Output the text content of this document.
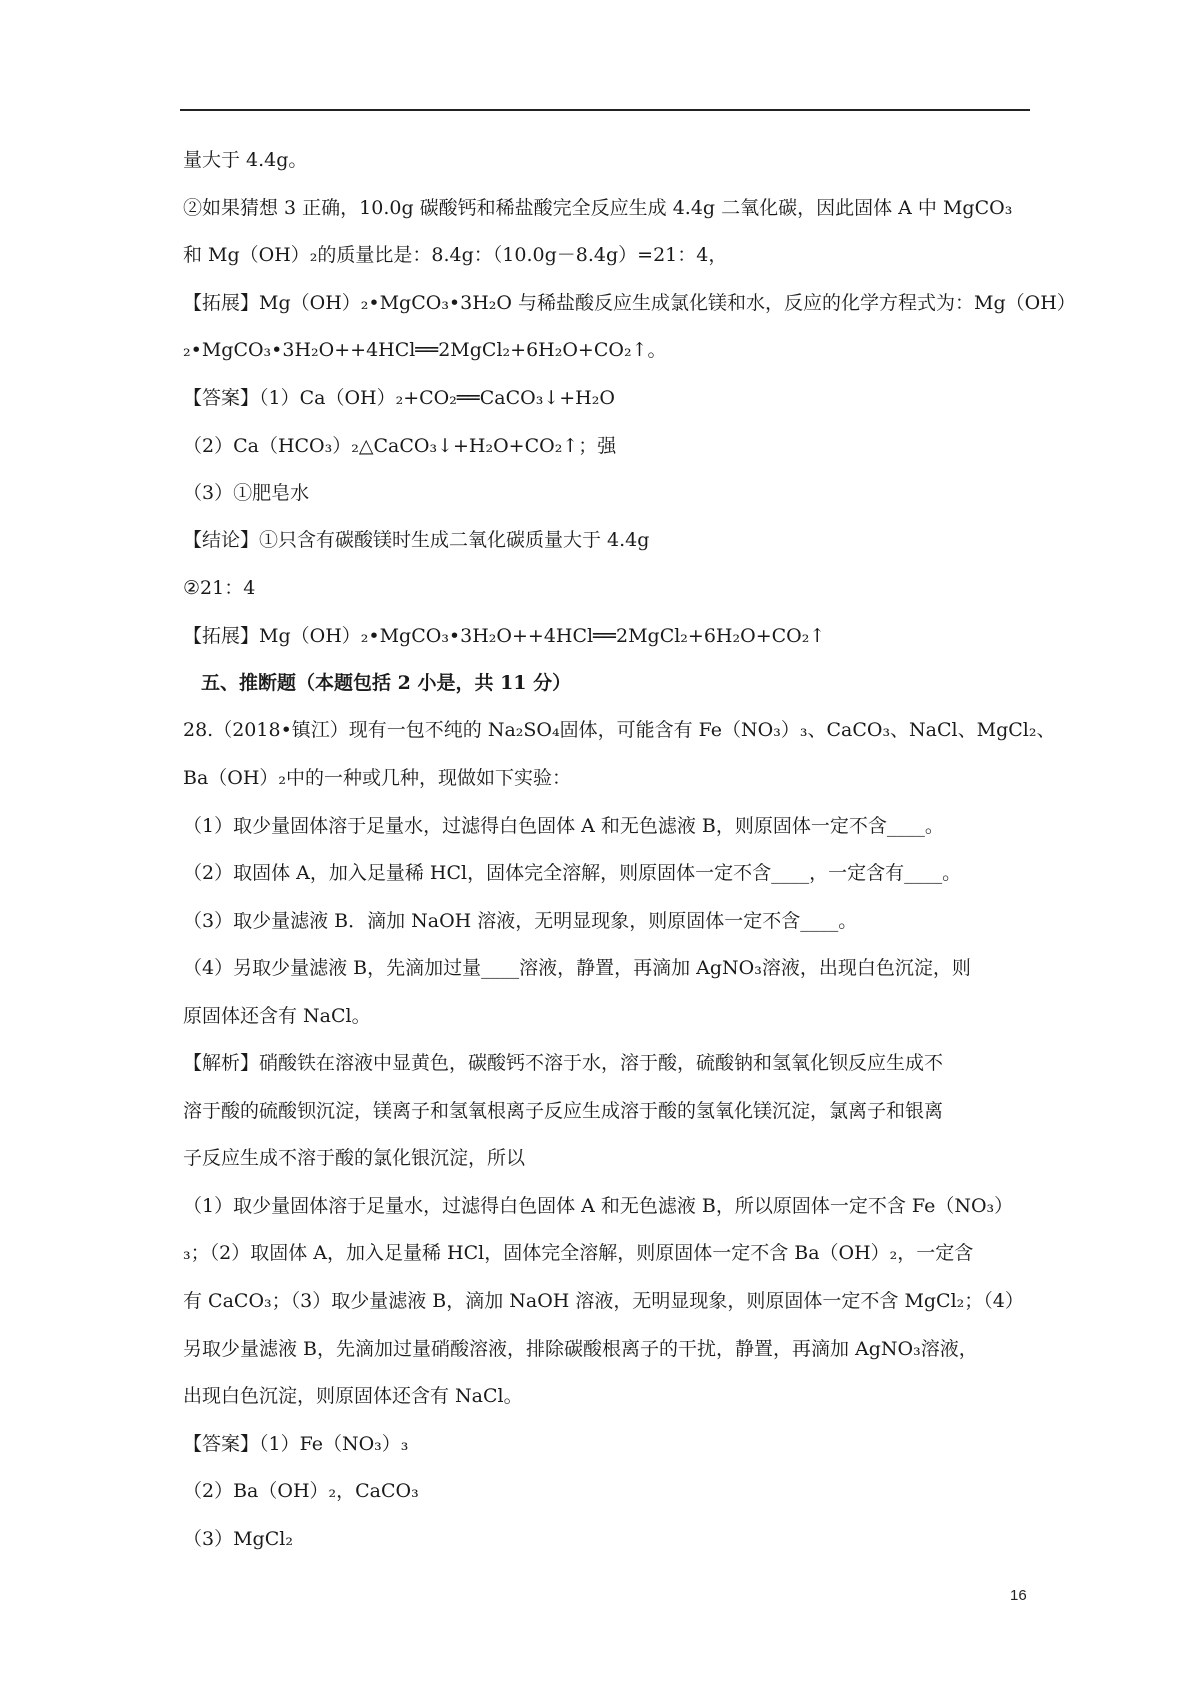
量大于 4.4g。
②如果猜想 3 正确，10.0g 碳酸钙和稀盐酸完全反应生成 4.4g 二氧化碳，因此固体 A 中 MgCO₃
和 Mg（OH）₂的质量比是：8.4g：（10.0g－8.4g）=21：4，
【拓展】Mg（OH）₂•MgCO₃•3H₂O 与稀盐酸反应生成氯化镁和水，反应的化学方程式为：Mg（OH）
₂•MgCO₃•3H₂O++4HCl══2MgCl₂+6H₂O+CO₂↑。
【答案】（1）Ca（OH）₂+CO₂══CaCO₃↓+H₂O
（2）Ca（HCO₃）₂△CaCO₃↓+H₂O+CO₂↑；强
（3）①肥皂水
【结论】①只含有碳酸镁时生成二氧化碳质量大于 4.4g
②21：4
【拓展】Mg（OH）₂•MgCO₃•3H₂O++4HCl══2MgCl₂+6H₂O+CO₂↑
五、推断题（本题包括 2 小是，共 11 分）
28.（2018•镇江）现有一包不纯的 Na₂SO₄固体，可能含有 Fe（NO₃）₃、CaCO₃、NaCl、MgCl₂、
Ba（OH）₂中的一种或几种，现做如下实验：
（1）取少量固体溶于足量水，过滤得白色固体 A 和无色滤液 B，则原固体一定不含____。
（2）取固体 A，加入足量稀 HCl，固体完全溶解，则原固体一定不含____，一定含有____。
（3）取少量滤液 B．滴加 NaOH 溶液，无明显现象，则原固体一定不含____。
（4）另取少量滤液 B，先滴加过量____溶液，静置，再滴加 AgNO₃溶液，出现白色沉淀，则
原固体还含有 NaCl。
【解析】硝酸铁在溶液中显黄色，碳酸钙不溶于水，溶于酸，硫酸钠和氢氧化钡反应生成不
溶于酸的硫酸钡沉淀，镁离子和氢氧根离子反应生成溶于酸的氢氧化镁沉淀，氯离子和银离
子反应生成不溶于酸的氯化银沉淀，所以
（1）取少量固体溶于足量水，过滤得白色固体 A 和无色滤液 B，所以原固体一定不含 Fe（NO₃）
₃；（2）取固体 A，加入足量稀 HCl，固体完全溶解，则原固体一定不含 Ba（OH）₂，一定含
有 CaCO₃；（3）取少量滤液 B，滴加 NaOH 溶液，无明显现象，则原固体一定不含 MgCl₂；（4）
另取少量滤液 B，先滴加过量硝酸溶液，排除碳酸根离子的干扰，静置，再滴加 AgNO₃溶液，
出现白色沉淀，则原固体还含有 NaCl。
【答案】（1）Fe（NO₃）₃
（2）Ba（OH）₂，CaCO₃
（3）MgCl₂
16
